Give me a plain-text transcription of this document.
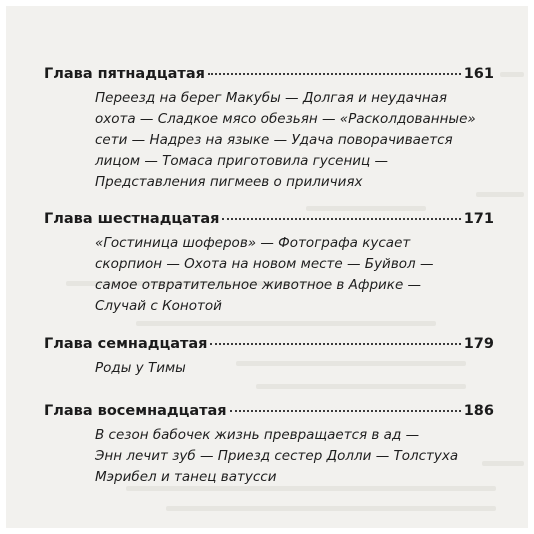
Глава пятнадцатая	161
Переезд на берег Макубы — Долгая и неудачная
охота — Сладкое мясо обезьян — «Расколдованные»
сети — Надрез на языке — Удача поворачивается
лицом — Томаса приготовила гусениц —
Представления пигмеев о приличиях
Глава шестнадцатая	171
«Гостиница шоферов» — Фотографа кусает
скорпион — Охота на новом месте — Буйвол —
самое отвратительное животное в Африке —
Случай с Конотой
Глава семнадцатая	179
Роды у Тимы
Глава восемнадцатая	186
В сезон бабочек жизнь превращается в ад —
Энн лечит зуб — Приезд сестер Долли — Толстуха
Мэрибел и танец ватусси
